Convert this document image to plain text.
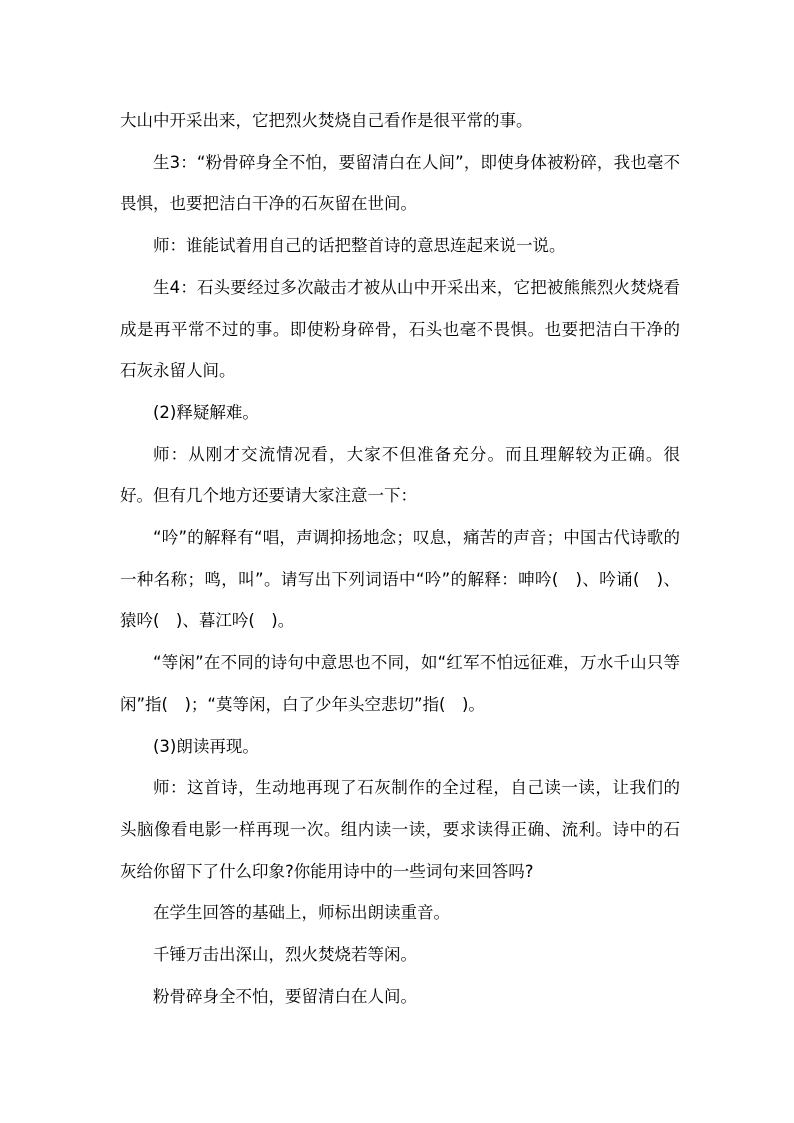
大山中开采出来，它把烈火焚烧自己看作是很平常的事。

生3：“粉骨碎身全不怕，要留清白在人间”，即使身体被粉碎，我也毫不畏惧，也要把洁白干净的石灰留在世间。

师：谁能试着用自己的话把整首诗的意思连起来说一说。

生4：石头要经过多次敲击才被从山中开采出来，它把被熊熊烈火焚烧看成是再平常不过的事。即使粉身碎骨，石头也毫不畏惧。也要把洁白干净的石灰永留人间。

(2)释疑解难。

师：从刚才交流情况看，大家不但准备充分。而且理解较为正确。很好。但有几个地方还要请大家注意一下：

“吟”的解释有“唱，声调抑扬地念；叹息，痛苦的声音；中国古代诗歌的一种名称；鸣，叫”。请写出下列词语中“吟”的解释：呻吟(　)、吟诵(　)、猿吟(　)、暮江吟(　)。

“等闲”在不同的诗句中意思也不同，如“红军不怕远征难，万水千山只等闲”指(　)；“莫等闲，白了少年头空悲切”指(　)。

(3)朗读再现。

师：这首诗，生动地再现了石灰制作的全过程，自己读一读，让我们的头脑像看电影一样再现一次。组内读一读，要求读得正确、流利。诗中的石灰给你留下了什么印象?你能用诗中的一些词句来回答吗?

在学生回答的基础上，师标出朗读重音。

千锤万击出深山，烈火焚烧若等闲。

粉骨碎身全不怕，要留清白在人间。
